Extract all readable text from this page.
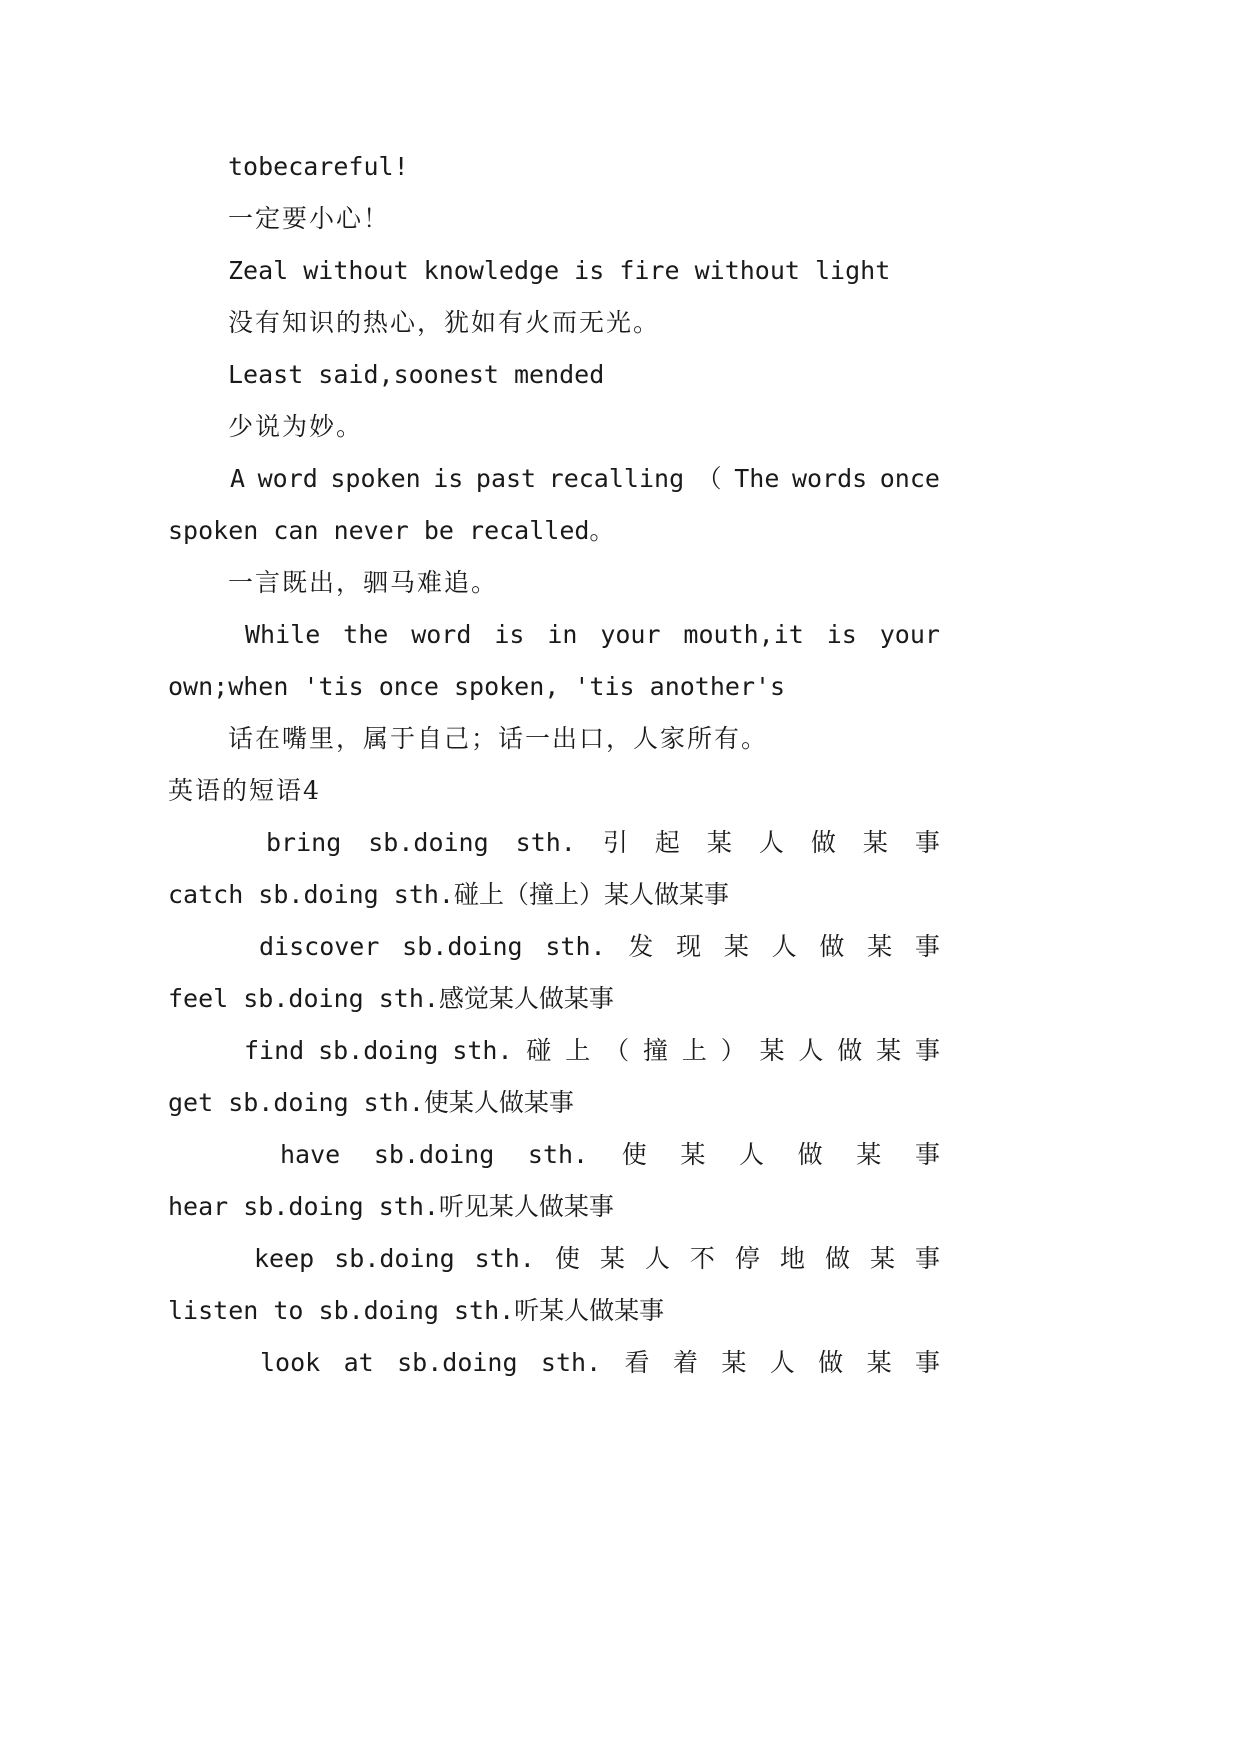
tobecareful!
一定要小心！
Zeal without knowledge is fire without light
没有知识的热心，犹如有火而无光。
Least said,soonest mended
少说为妙。
A word spoken is past recalling （ The words once
spoken can never be recalled。
一言既出，驷马难追。
While the word is in your mouth,it is your
own;when 'tis once spoken, 'tis another's
话在嘴里，属于自己；话一出口，人家所有。
英语的短语4
bring sb.doing sth. 引 起 某 人 做 某 事
catch sb.doing sth.碰上（撞上）某人做某事
discover sb.doing sth. 发 现 某 人 做 某 事
feel sb.doing sth.感觉某人做某事
find sb.doing sth. 碰 上 （ 撞 上 ） 某 人 做 某 事
get sb.doing sth.使某人做某事
have sb.doing sth. 使 某 人 做 某 事
hear sb.doing sth.听见某人做某事
keep sb.doing sth. 使 某 人 不 停 地 做 某 事
listen to sb.doing sth.听某人做某事
look at sb.doing sth. 看 着 某 人 做 某 事
